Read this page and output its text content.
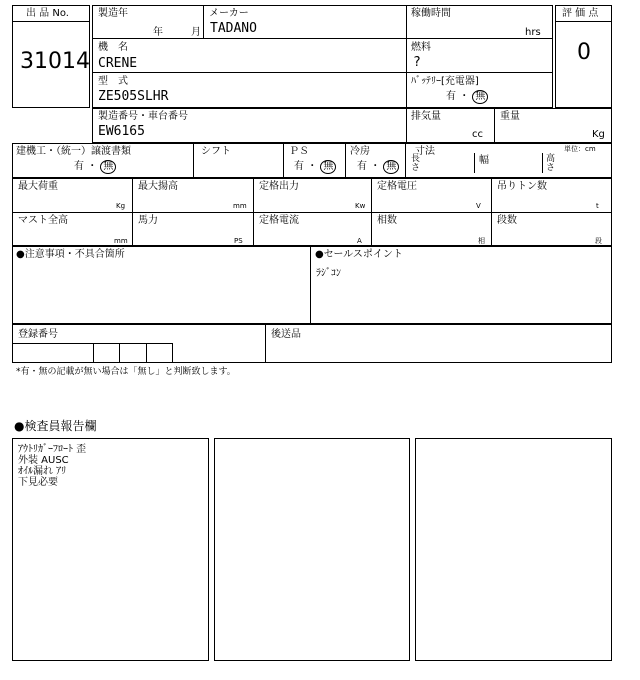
出 品 No.
31014
評 価 点
0
製造年
年	月
メーカー
TADANO
稼働時間
hrs
機　名
CRENE
燃料
?
型　式
ZE505SLHR
ﾊﾞｯﾃﾘｰ[充電器]
有 ・ 無
製造番号・車台番号
EW6165
排気量
cc
重量
Kg
建機工・（統一）譲渡書類
有 ・ 無
シフト	ＰＳ
有 ・ 無
冷房
有 ・ 無
寸法	単位：cm
長
さ
幅	高
さ
最大荷重
Kg
最大揚高
mm
定格出力
Kw
定格電圧
V
吊りトン数
t
マスト全高
mm
馬力
PS
定格電流
A
相数
相
段数
段
●注意事項・不具合箇所	●セールスポイント
ﾗｼﾞｺﾝ
登録番号	後送品
*有・無の記載が無い場合は「無し」と判断致します。
●検査員報告欄
ｱｳﾄﾘｶﾞｰﾌﾛｰﾄ 歪
外装 AUSC
ｵｲﾙ漏れ ｱﾘ
下見必要
